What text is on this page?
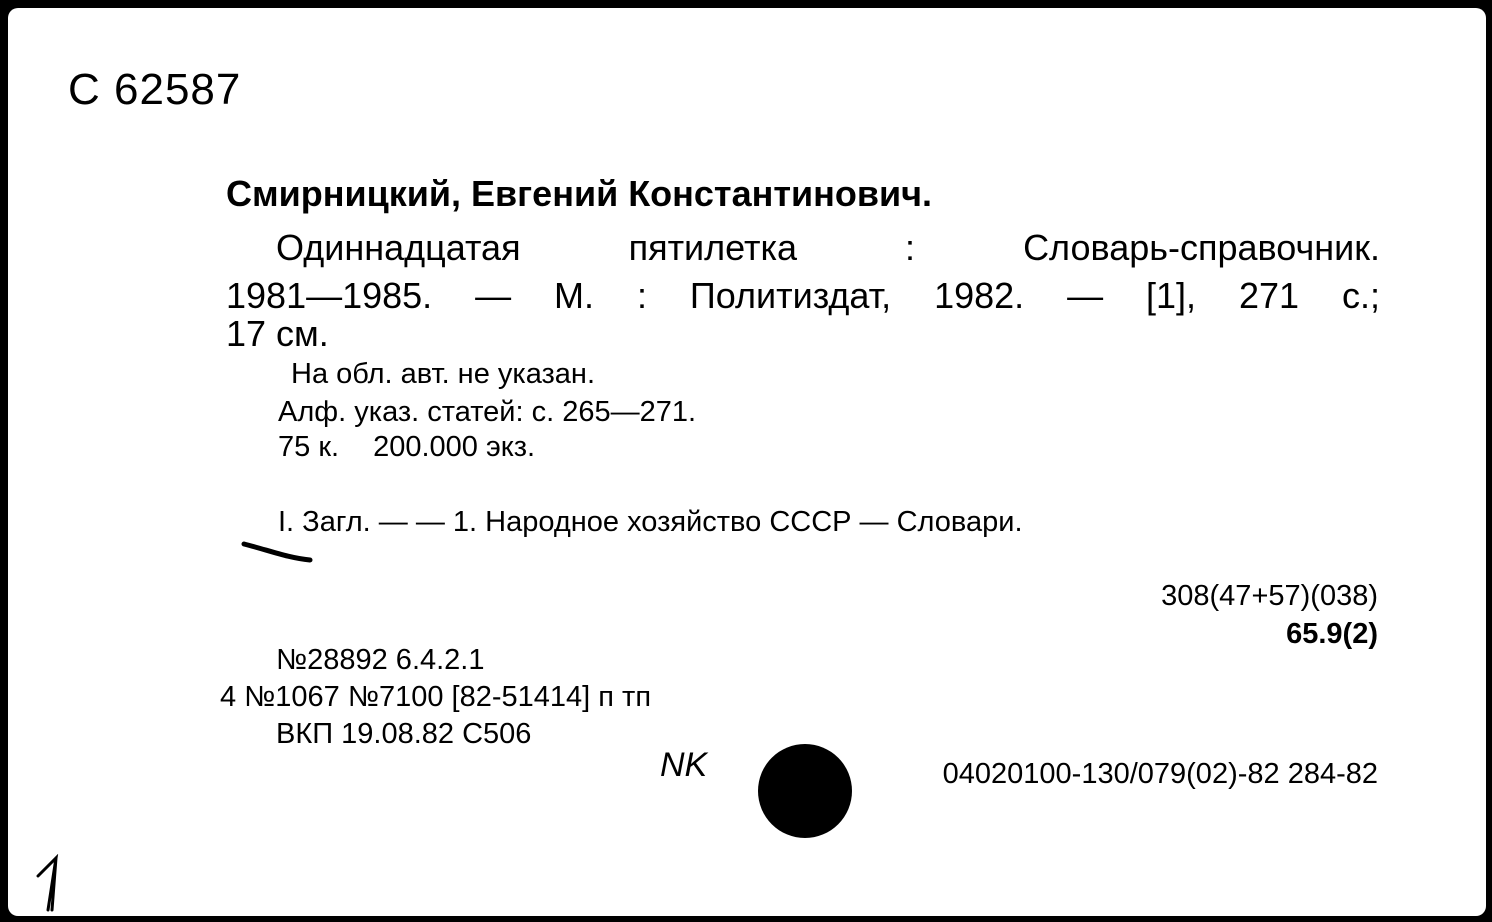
С 62587
Смирницкий, Евгений Константинович.
Одиннадцатая	пятилетка	:	Словарь-справочник.
1981—1985. — М. : Политиздат, 1982. — [1], 271 с.;
17 см.
На обл. авт. не указан.
Алф. указ. статей: с. 265—271.
75 к. 200.000 экз.
I. Загл. — — 1. Народное хозяйство СССР — Словари.
308(47+57)(038)
65.9(2)
№28892 6.4.2.1
4 №1067 №7100 [82-51414] п тп
ВКП 19.08.82 С506
NK	04020100-130/079(02)-82 284-82
